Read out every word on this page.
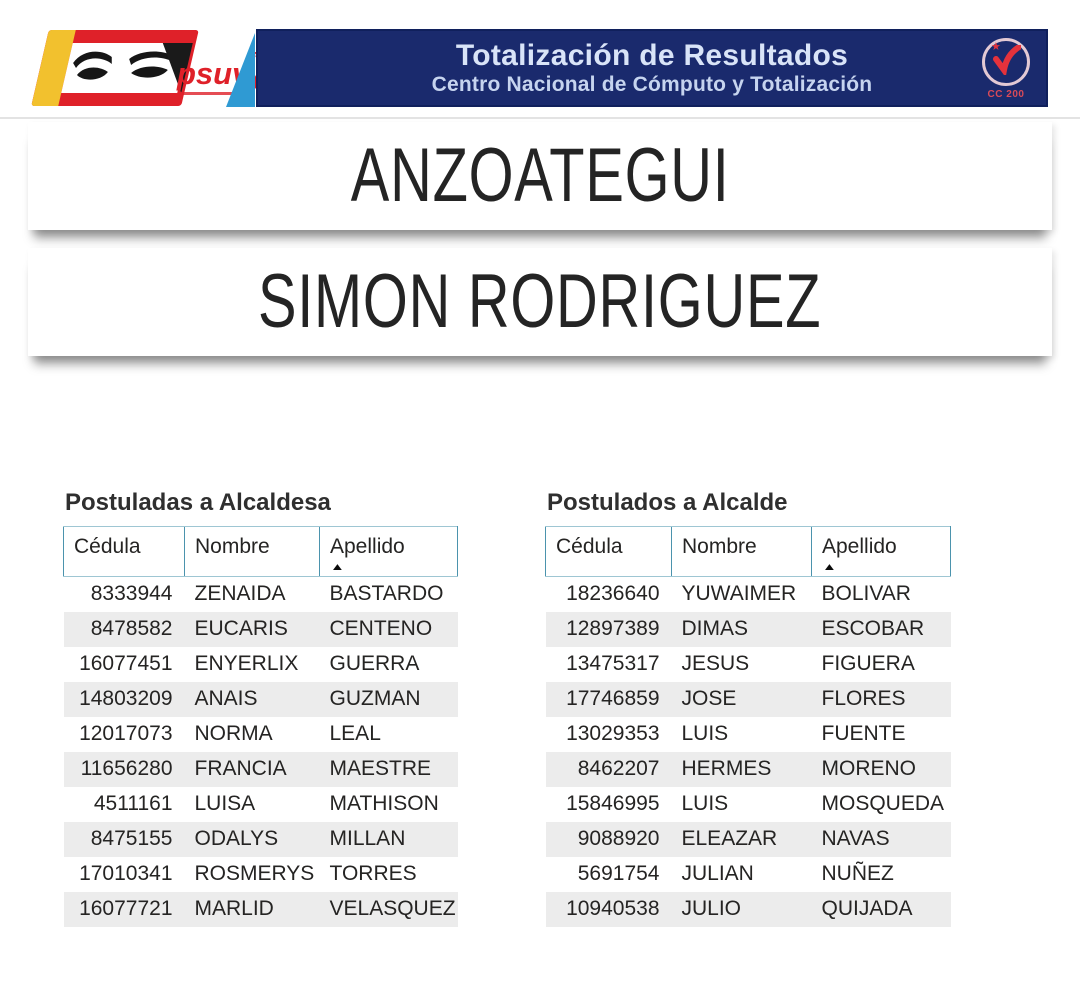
psuv
Totalización de Resultados
Centro Nacional de Cómputo y Totalización
★
CC 200
ANZOATEGUI
SIMON RODRIGUEZ
Postuladas a Alcaldesa
Cédula	Nombre	Apellido
▲

8333944	ZENAIDA	BASTARDO
8478582	EUCARIS	CENTENO
16077451	ENYERLIX	GUERRA
14803209	ANAIS	GUZMAN
12017073	NORMA	LEAL
11656280	FRANCIA	MAESTRE
4511161	LUISA	MATHISON
8475155	ODALYS	MILLAN
17010341	ROSMERYS	TORRES
16077721	MARLID	VELASQUEZ
Postulados a Alcalde
Cédula	Nombre	Apellido
▲

18236640	YUWAIMER	BOLIVAR
12897389	DIMAS	ESCOBAR
13475317	JESUS	FIGUERA
17746859	JOSE	FLORES
13029353	LUIS	FUENTE
8462207	HERMES	MORENO
15846995	LUIS	MOSQUEDA
9088920	ELEAZAR	NAVAS
5691754	JULIAN	NUÑEZ
10940538	JULIO	QUIJADA
